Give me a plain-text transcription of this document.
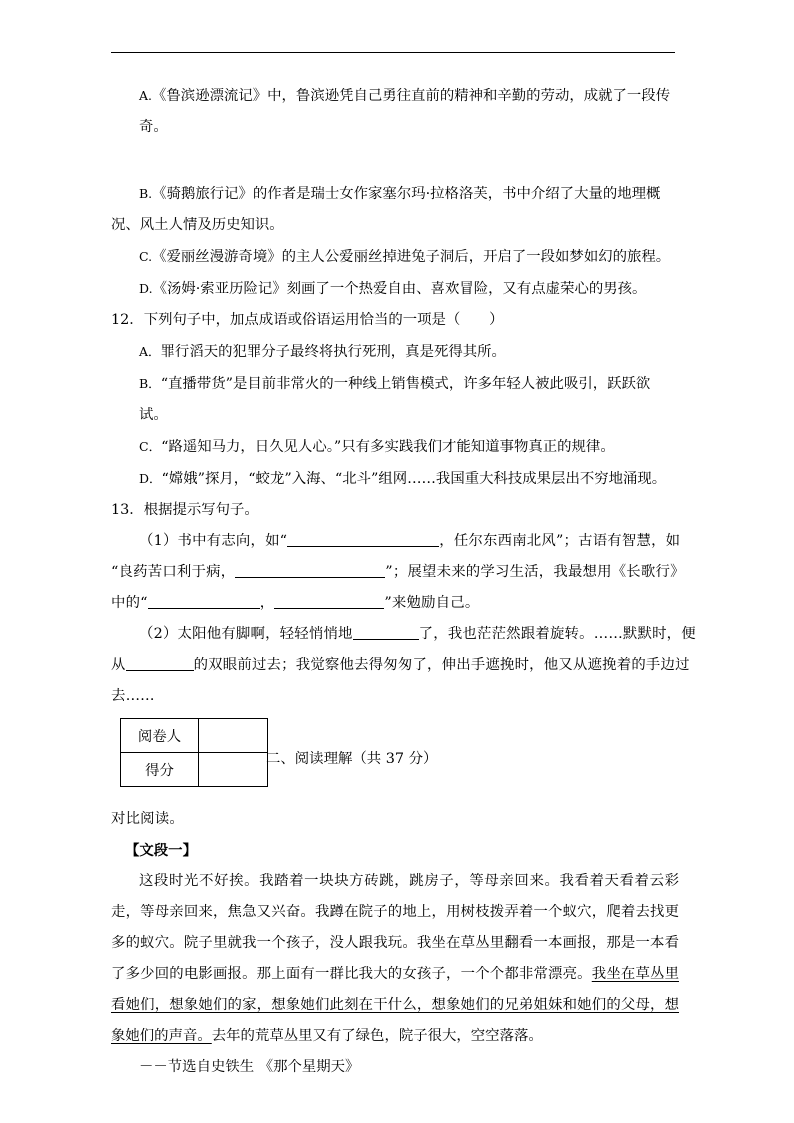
A.《鲁滨逊漂流记》中，鲁滨逊凭自己勇往直前的精神和辛勤的劳动，成就了一段传奇。
B.《骑鹅旅行记》的作者是瑞士女作家塞尔玛·拉格洛芙，书中介绍了大量的地理概况、风土人情及历史知识。
C.《爱丽丝漫游奇境》的主人公爱丽丝掉进兔子洞后，开启了一段如梦如幻的旅程。
D.《汤姆·索亚历险记》刻画了一个热爱自由、喜欢冒险，又有点虚荣心的男孩。
12．下列句子中，加点成语或俗语运用恰当的一项是（　　）
A．罪行滔天的犯罪分子最终将执行死刑，真是死得其所。
B．“直播带货”是目前非常火的一种线上销售模式，许多年轻人被此吸引，跃跃欲试。
C．“路遥知马力，日久见人心。”只有多实践我们才能知道事物真正的规律。
D．“嫦娥”探月，“蛟龙”入海、“北斗”组网……我国重大科技成果层出不穷地涌现。
13．根据提示写句子。
（1）书中有志向，如“	，任尔东西南北风”；古语有智慧，如
“良药苦口利于病，	”；展望未来的学习生活，我最想用《长歌行》
中的“	，	”来勉励自己。
（2）太阳他有脚啊，轻轻悄悄地	了，我也茫茫然跟着旋转。……默默时，便
从	的双眼前过去；我觉察他去得匆匆了，伸出手遮挽时，他又从遮挽着的手边过
去……
阅卷人	
得分	
二、阅读理解（共 37 分）
对比阅读。
【文段一】
这段时光不好挨。我踏着一块块方砖跳，跳房子，等母亲回来。我看着天看着云彩走，等母亲回来，焦急又兴奋。我蹲在院子的地上，用树枝拨弄着一个蚁穴，爬着去找更多的蚁穴。院子里就我一个孩子，没人跟我玩。我坐在草丛里翻看一本画报，那是一本看了多少回的电影画报。那上面有一群比我大的女孩子，一个个都非常漂亮。我坐在草丛里看她们，想象她们的家，想象她们此刻在干什么，想象她们的兄弟姐妹和她们的父母，想象她们的声音。去年的荒草丛里又有了绿色，院子很大，空空落落。
－－节选自史铁生 《那个星期天》
